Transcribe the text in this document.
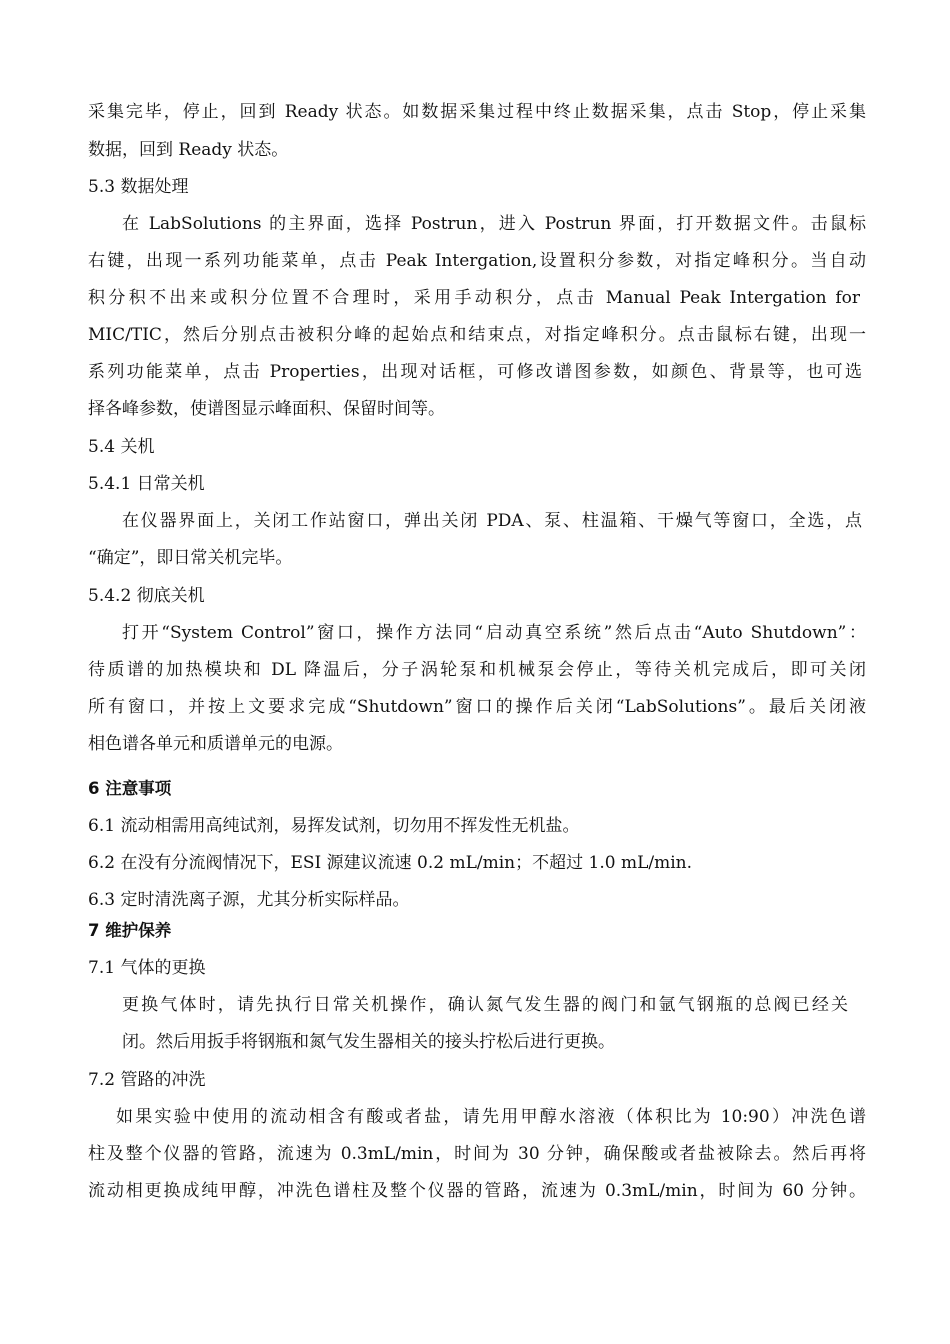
采集完毕，停止，回到 Ready 状态。如数据采集过程中终止数据采集，点击 Stop，停止采集
数据，回到 Ready 状态。
5.3 数据处理
在 LabSolutions 的主界面，选择 Postrun，进入 Postrun 界面，打开数据文件。击鼠标
右键，出现一系列功能菜单，点击 Peak Intergation,设置积分参数，对指定峰积分。当自动
积分积不出来或积分位置不合理时，采用手动积分，点击 Manual Peak Intergation for
MIC/TIC，然后分别点击被积分峰的起始点和结束点，对指定峰积分。点击鼠标右键，出现一
系列功能菜单，点击 Properties，出现对话框，可修改谱图参数，如颜色、背景等，也可选
择各峰参数，使谱图显示峰面积、保留时间等。
5.4 关机
5.4.1 日常关机
在仪器界面上，关闭工作站窗口，弹出关闭 PDA、泵、柱温箱、干燥气等窗口，全选，点
“确定”，即日常关机完毕。
5.4.2 彻底关机
打开“System Control”窗口，操作方法同“启动真空系统”然后点击“Auto Shutdown”：
待质谱的加热模块和 DL 降温后，分子涡轮泵和机械泵会停止，等待关机完成后，即可关闭
所有窗口，并按上文要求完成“Shutdown”窗口的操作后关闭“LabSolutions”。最后关闭液
相色谱各单元和质谱单元的电源。
6 注意事项
6.1 流动相需用高纯试剂，易挥发试剂，切勿用不挥发性无机盐。
6.2 在没有分流阀情况下，ESI 源建议流速 0.2 mL/min；不超过 1.0 mL/min.
6.3 定时清洗离子源，尤其分析实际样品。
7 维护保养
7.1 气体的更换
更换气体时，请先执行日常关机操作，确认氮气发生器的阀门和氩气钢瓶的总阀已经关
闭。然后用扳手将钢瓶和氮气发生器相关的接头拧松后进行更换。
7.2 管路的冲洗
如果实验中使用的流动相含有酸或者盐，请先用甲醇水溶液（体积比为 10:90）冲洗色谱
柱及整个仪器的管路，流速为 0.3mL/min，时间为 30 分钟，确保酸或者盐被除去。然后再将
流动相更换成纯甲醇，冲洗色谱柱及整个仪器的管路，流速为 0.3mL/min，时间为 60 分钟。
